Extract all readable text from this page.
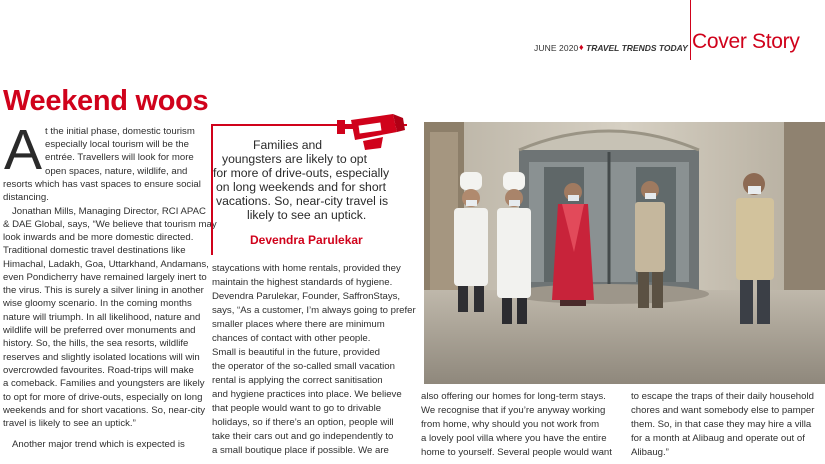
JUNE 2020 ♦ TRAVEL TRENDS TODAY Cover Story
Weekend woos
A t the initial phase, domestic tourism
especially local tourism will be the
entrée. Travellers will look for more
open spaces, nature, wildlife, and
resorts which has vast spaces to ensure social
distancing.
Jonathan Mills, Managing Director, RCI APAC
& DAE Global, says, “We believe that tourism may
look inwards and be more domestic directed.
Traditional domestic travel destinations like
Himachal, Ladakh, Goa, Uttarkhand, Andamans,
even Pondicherry have remained largely inert to
the virus. This is surely a silver lining in another
wise gloomy scenario. In the coming months
nature will triumph. In all likelihood, nature and
wildlife will be preferred over monuments and
history. So, the hills, the sea resorts, wildlife
reserves and slightly isolated locations will win
overcrowded favourites. Road-trips will make
a comeback. Families and youngsters are likely
to opt for more of drive-outs, especially on long
weekends and for short vacations. So, near-city
travel is likely to see an uptick.”
Another major trend which is expected is
Families and
youngsters are likely to opt
for more of drive-outs, especially
on long weekends and for short
vacations. So, near-city travel is
likely to see an uptick.
Devendra Parulekar
staycations with home rentals, provided they
maintain the highest standards of hygiene.
Devendra Parulekar, Founder, SaffronStays,
says, “As a customer, I’m always going to prefer
smaller places where there are minimum
chances of contact with other people.
Small is beautiful in the future, provided
the operator of the so-called small vacation
rental is applying the correct sanitisation
and hygiene practices into place. We believe
that people would want to go to drivable
holidays, so if there’s an option, people will
take their cars out and go independently to
a small boutique place if possible. We are
also offering our homes for long-term stays.
We recognise that if you’re anyway working
from home, why should you not work from
a lovely pool villa where you have the entire
home to yourself. Several people would want
to escape the traps of their daily household
chores and want somebody else to pamper
them. So, in that case they may hire a villa
for a month at Alibaug and operate out of
Alibaug.”
